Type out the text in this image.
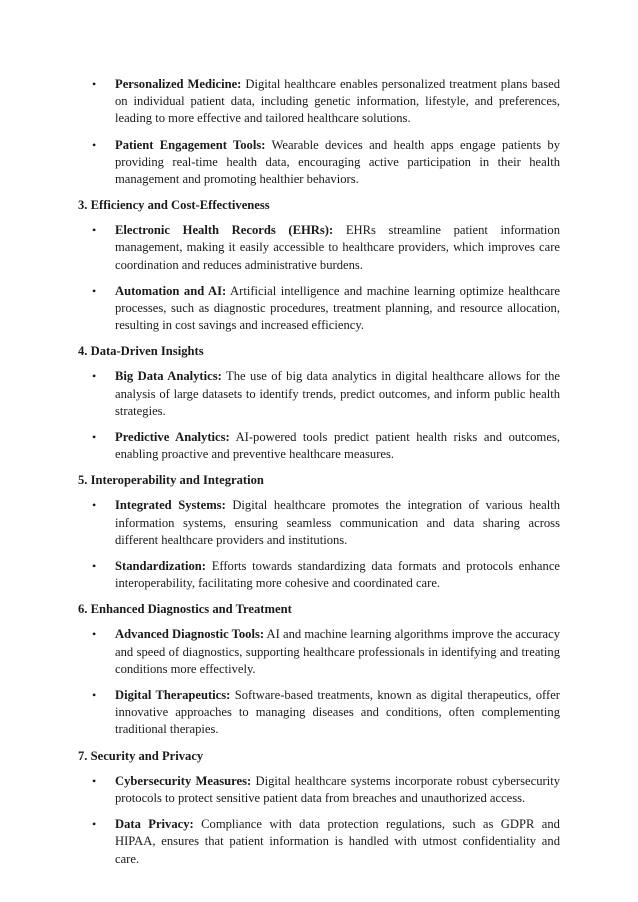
• Personalized Medicine: Digital healthcare enables personalized treatment plans based on individual patient data, including genetic information, lifestyle, and preferences, leading to more effective and tailored healthcare solutions.
• Patient Engagement Tools: Wearable devices and health apps engage patients by providing real-time health data, encouraging active participation in their health management and promoting healthier behaviors.
3. Efficiency and Cost-Effectiveness
• Electronic Health Records (EHRs): EHRs streamline patient information management, making it easily accessible to healthcare providers, which improves care coordination and reduces administrative burdens.
• Automation and AI: Artificial intelligence and machine learning optimize healthcare processes, such as diagnostic procedures, treatment planning, and resource allocation, resulting in cost savings and increased efficiency.
4. Data-Driven Insights
• Big Data Analytics: The use of big data analytics in digital healthcare allows for the analysis of large datasets to identify trends, predict outcomes, and inform public health strategies.
• Predictive Analytics: AI-powered tools predict patient health risks and outcomes, enabling proactive and preventive healthcare measures.
5. Interoperability and Integration
• Integrated Systems: Digital healthcare promotes the integration of various health information systems, ensuring seamless communication and data sharing across different healthcare providers and institutions.
• Standardization: Efforts towards standardizing data formats and protocols enhance interoperability, facilitating more cohesive and coordinated care.
6. Enhanced Diagnostics and Treatment
• Advanced Diagnostic Tools: AI and machine learning algorithms improve the accuracy and speed of diagnostics, supporting healthcare professionals in identifying and treating conditions more effectively.
• Digital Therapeutics: Software-based treatments, known as digital therapeutics, offer innovative approaches to managing diseases and conditions, often complementing traditional therapies.
7. Security and Privacy
• Cybersecurity Measures: Digital healthcare systems incorporate robust cybersecurity protocols to protect sensitive patient data from breaches and unauthorized access.
• Data Privacy: Compliance with data protection regulations, such as GDPR and HIPAA, ensures that patient information is handled with utmost confidentiality and care.
